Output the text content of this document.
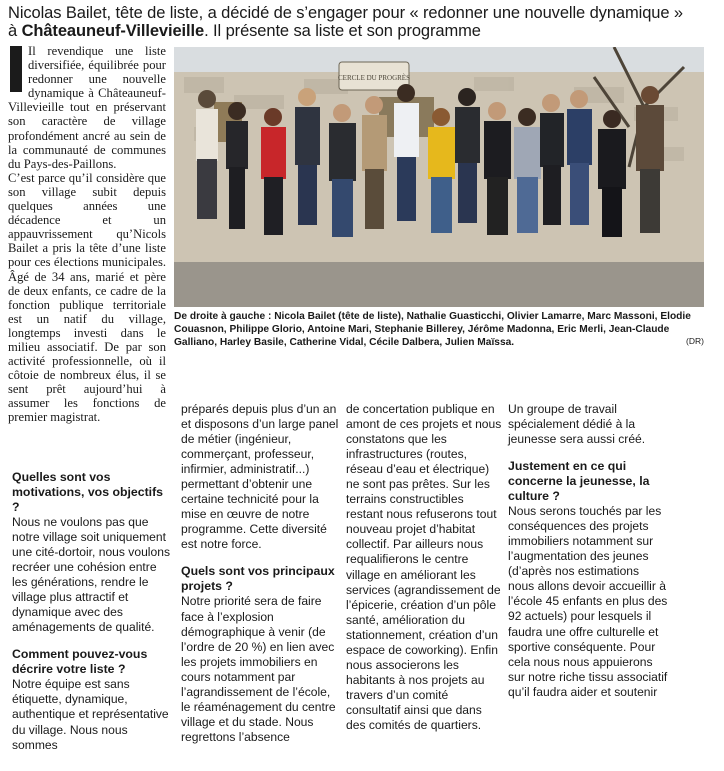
Nicolas Bailet, tête de liste, a décidé de s’engager pour « redonner une nouvelle dynamique »
à Châteauneuf-Villevieille. Il présente sa liste et son programme

Il revendique une liste diversifiée, équilibrée pour redonner une nouvelle dynamique à Châteauneuf-Villevieille tout en préservant son caractère de village profondément ancré au sein de la communauté de communes du Pays-des-Paillons.

C’est parce qu’il considère que son village subit depuis quelques années une décadence et un appauvrissement qu’Nicols Bailet a pris la tête d’une liste pour ces élections municipales. Âgé de 34 ans, marié et père de deux enfants, ce cadre de la fonction publique territoriale est un natif du village, longtemps investi dans le milieu associatif. De par son activité professionnelle, où il côtoie de nombreux élus, il se sent prêt aujourd’hui à assumer les fonctions de premier magistrat.

CERCLE DU PROGRÈS
De droite à gauche : Nicola Bailet (tête de liste), Nathalie Guasticchi, Olivier Lamarre, Marc Massoni, Elodie Couasnon, Philippe Glorio, Antoine Mari, Stephanie Billerey, Jérôme Madonna, Eric Merli, Jean-Claude Galliano, Harley Basile, Catherine Vidal, Cécile Dalbera, Julien Maïssa.	(DR)

Quelles sont vos motivations, vos objectifs ?

Nous ne voulons pas que notre village soit uniquement une cité-dortoir, nous voulons recréer une cohésion entre les générations, rendre le village plus attractif et dynamique avec des aménagements de qualité.

Comment pouvez-vous décrire votre liste ?

Notre équipe est sans étiquette, dynamique, authentique et représentative du village. Nous nous sommes

préparés depuis plus d’un an et disposons d’un large panel de métier (ingénieur, commerçant, professeur, infirmier, administratif...) permettant d’obtenir une certaine technicité pour la mise en œuvre de notre programme. Cette diversité est notre force.

Quels sont vos principaux projets ?

Notre priorité sera de faire face à l’explosion démographique à venir (de l’ordre de 20 %) en lien avec les projets immobiliers en cours notamment par l’agrandissement de l’école, le réaménagement du centre village et du stade. Nous regrettons l’absence

de concertation publique en amont de ces projets et nous constatons que les infrastructures (routes, réseau d’eau et électrique) ne sont pas prêtes. Sur les terrains constructibles restant nous refuserons tout nouveau projet d’habitat collectif. Par ailleurs nous requalifierons le centre village en améliorant les services (agrandissement de l’épicerie, création d’un pôle santé, amélioration du stationnement, création d’un espace de coworking). Enfin nous associerons les habitants à nos projets au travers d’un comité consultatif ainsi que dans des comités de quartiers.

Un groupe de travail spécialement dédié à la jeunesse sera aussi créé.

Justement en ce qui concerne la jeunesse, la culture ?

Nous serons touchés par les conséquences des projets immobiliers notamment sur l’augmentation des jeunes (d’après nos estimations nous allons devoir accueillir à l’école 45 enfants en plus des 92 actuels) pour lesquels il faudra une offre culturelle et sportive conséquente. Pour cela nous nous appuierons sur notre riche tissu associatif qu’il faudra aider et soutenir
